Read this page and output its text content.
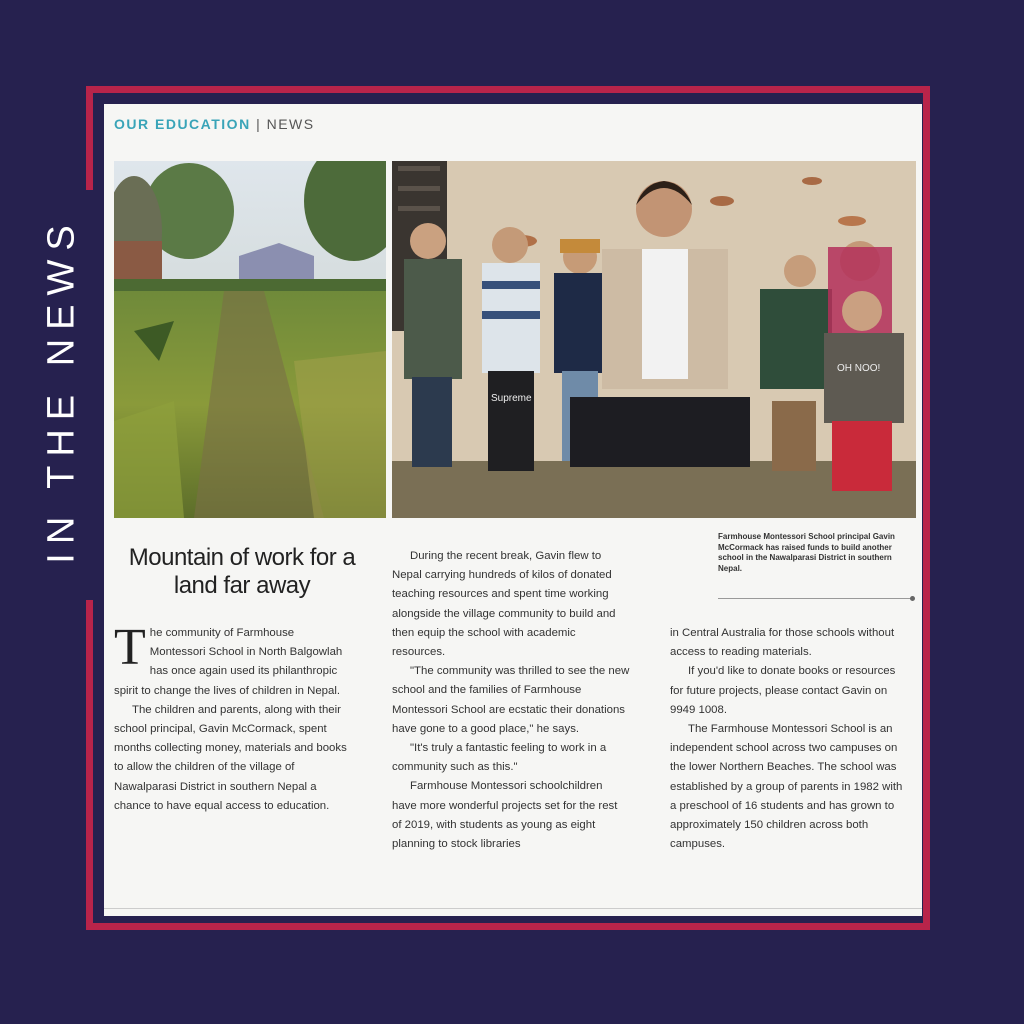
IN THE NEWS
OUR EDUCATION | NEWS
Supreme
OH NOO!
Mountain of work for a land far away
Farmhouse Montessori School principal Gavin McCormack has raised funds to build another school in the Nawalparasi District in southern Nepal.

The community of Farmhouse Montessori School in North Balgowlah has once again used its philanthropic spirit to change the lives of children in Nepal.

The children and parents, along with their school principal, Gavin McCormack, spent months collecting money, materials and books to allow the children of the village of Nawalparasi District in southern Nepal a chance to have equal access to education.

During the recent break, Gavin flew to Nepal carrying hundreds of kilos of donated teaching resources and spent time working alongside the village community to build and then equip the school with academic resources.

"The community was thrilled to see the new school and the families of Farmhouse Montessori School are ecstatic their donations have gone to a good place," he says.

"It's truly a fantastic feeling to work in a community such as this."

Farmhouse Montessori schoolchildren have more wonderful projects set for the rest of 2019, with students as young as eight planning to stock libraries

in Central Australia for those schools without access to reading materials.

If you'd like to donate books or resources for future projects, please contact Gavin on 9949 1008.

The Farmhouse Montessori School is an independent school across two campuses on the lower Northern Beaches. The school was established by a group of parents in 1982 with a preschool of 16 students and has grown to approximately 150 children across both campuses.
